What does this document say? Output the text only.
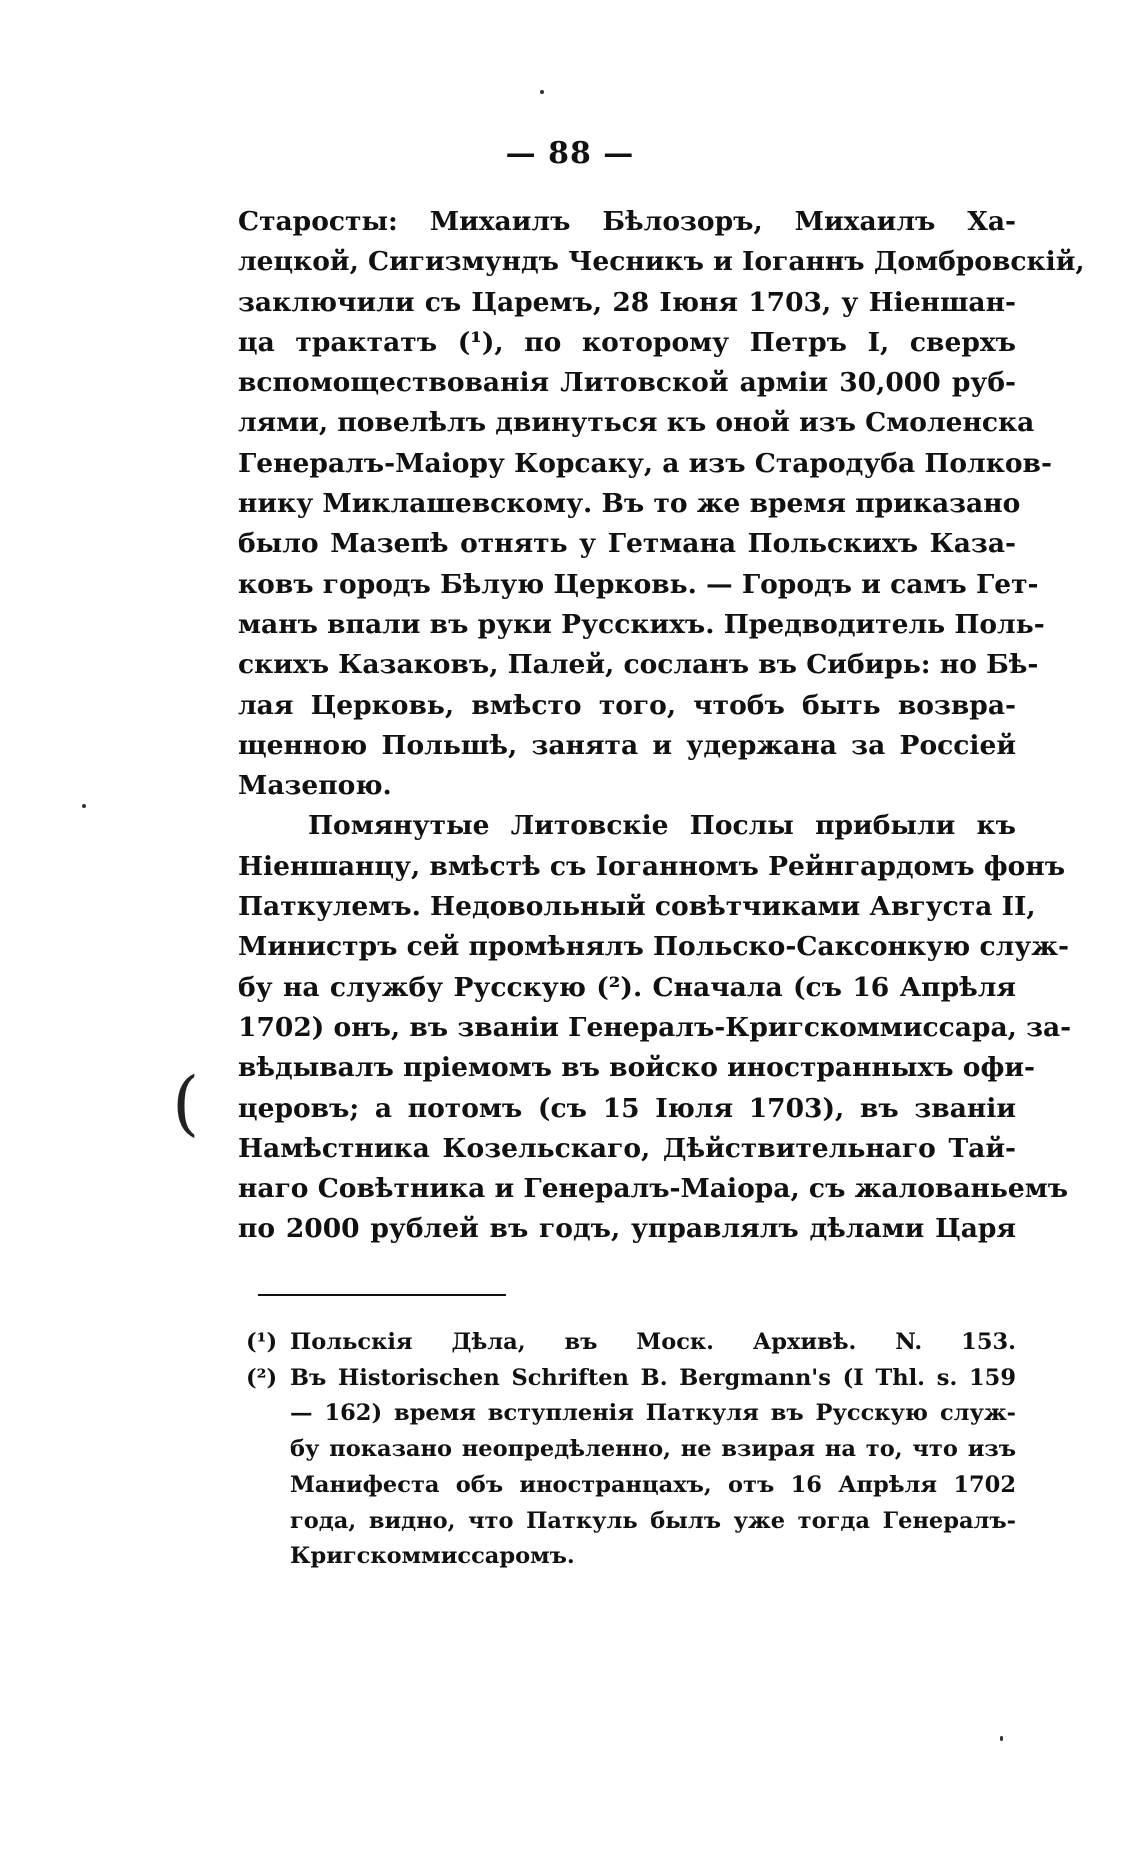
— 88 —
Старосты: Михаилъ Бѣлозоръ, Михаилъ Ха-
лецкой, Сигизмундъ Чесникъ и Іоганнъ Домбровскій,
заключили съ Царемъ, 28 Іюня 1703, у Ніеншан-
ца трактатъ (¹), по которому Петръ I, сверхъ
вспомоществованія Литовской арміи 30,000 руб-
лями, повелѣлъ двинуться къ оной изъ Смоленска
Генералъ-Маіору Корсаку, а изъ Стародуба Полков-
нику Миклашевскому. Въ то же время приказано
было Мазепѣ отнять у Гетмана Польскихъ Каза-
ковъ городъ Бѣлую Церковь. — Городъ и самъ Гет-
манъ впали въ руки Русскихъ. Предводитель Поль-
скихъ Казаковъ, Палей, сосланъ въ Сибирь: но Бѣ-
лая Церковь, вмѣсто того, чтобъ быть возвра-
щенною Польшѣ, занята и удержана за Россіей
Мазепою.
Помянутые Литовскіе Послы прибыли къ
Ніеншанцу, вмѣстѣ съ Іоганномъ Рейнгардомъ фонъ
Паткулемъ. Недовольный совѣтчиками Августа II,
Министръ сей промѣнялъ Польско-Саксонкую служ-
бу на службу Русскую (²). Сначала (съ 16 Апрѣля
1702) онъ, въ званіи Генералъ-Кригскоммиссара, за-
вѣдывалъ пріемомъ въ войско иностранныхъ офи-
церовъ; а потомъ (съ 15 Іюля 1703), въ званіи
Намѣстника Козельскаго, Дѣйствительнаго Тай-
наго Совѣтника и Генералъ-Маіора, съ жалованьемъ
по 2000 рублей въ годъ, управлялъ дѣлами Царя
(
(¹) Польскія Дѣла, въ Моск. Архивѣ. N. 153.
(²) Въ Historischen Schriften B. Bergmann's (I Thl. s. 159
— 162) время вступленія Паткуля въ Русскую служ-
бу показано неопредѣленно, не взирая на то, что изъ
Манифеста объ иностранцахъ, отъ 16 Апрѣля 1702
года, видно, что Паткуль былъ уже тогда Генералъ-
Кригскоммиссаромъ.
